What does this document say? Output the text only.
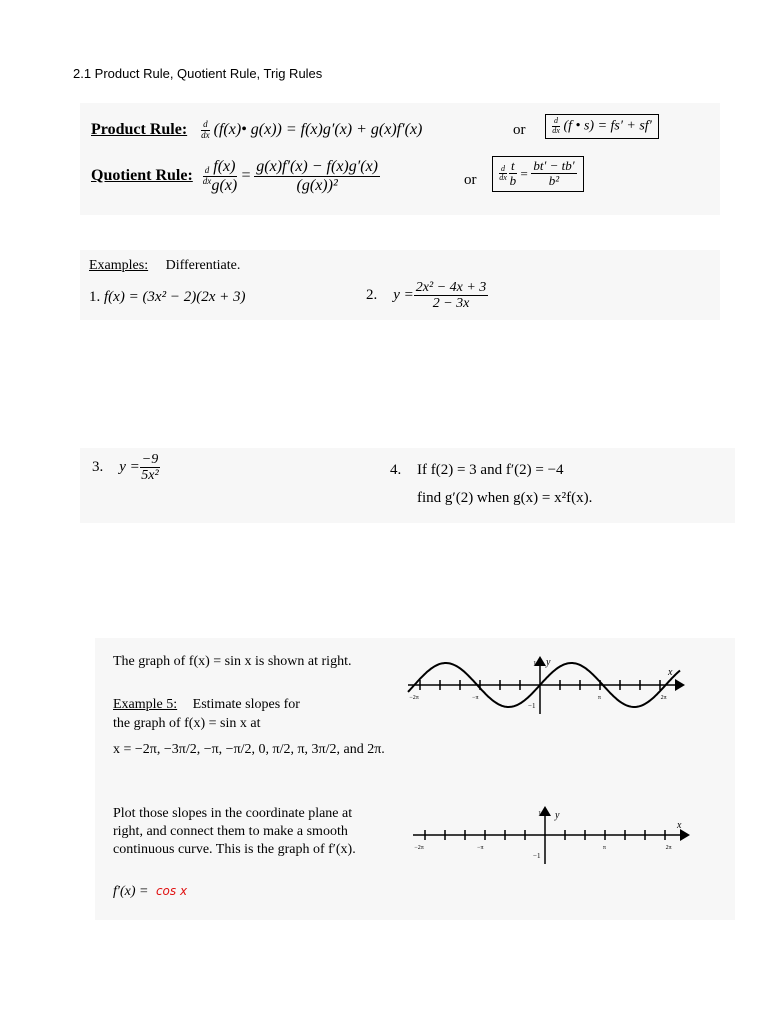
2.1 Product Rule, Quotient Rule, Trig Rules
Product Rule: $\frac{d}{dx}$ (f(x)• g(x)) = f(x)g′(x) + g(x)f′(x)	or	$\frac{d}{dx} (f$ • s) = fs′ + sf′
Quotient Rule: $\frac{d}{dx} \frac{f(x)}{g(x)} = \frac{g(x)f'(x) - f(x)g'(x)}{\text{(g(x))²}}$	or	$\frac{d}{dx} \frac{t}{b} = \frac{bt' - tb'}{\text{b²}}$
Examples: Differentiate.
1. f(x) = (3x² − 2)(2x + 3)	2. $y = \frac{\text{2x² − 4x + 3}}{2 - 3x}$
3. $y = \frac{-9}{\text{5x²}}$	4. If f(2) = 3 and f′(2) = −4
find g′(2) when g(x) = x²f(x).
The graph of f(x) = sin x is shown at right.
Example 5: Estimate slopes for
the graph of f(x) = sin x at
x = −2π, −3π/2, −π, −π/2, 0, π/2, π, 3π/2, and 2π.
Plot those slopes in the coordinate plane at
right, and connect them to make a smooth
continuous curve. This is the graph of f′(x).
f′(x) = cos x
x
y
1
−1
−2π	−π	π	2π
x
y
1
−1
−2π	−π	π	2π
